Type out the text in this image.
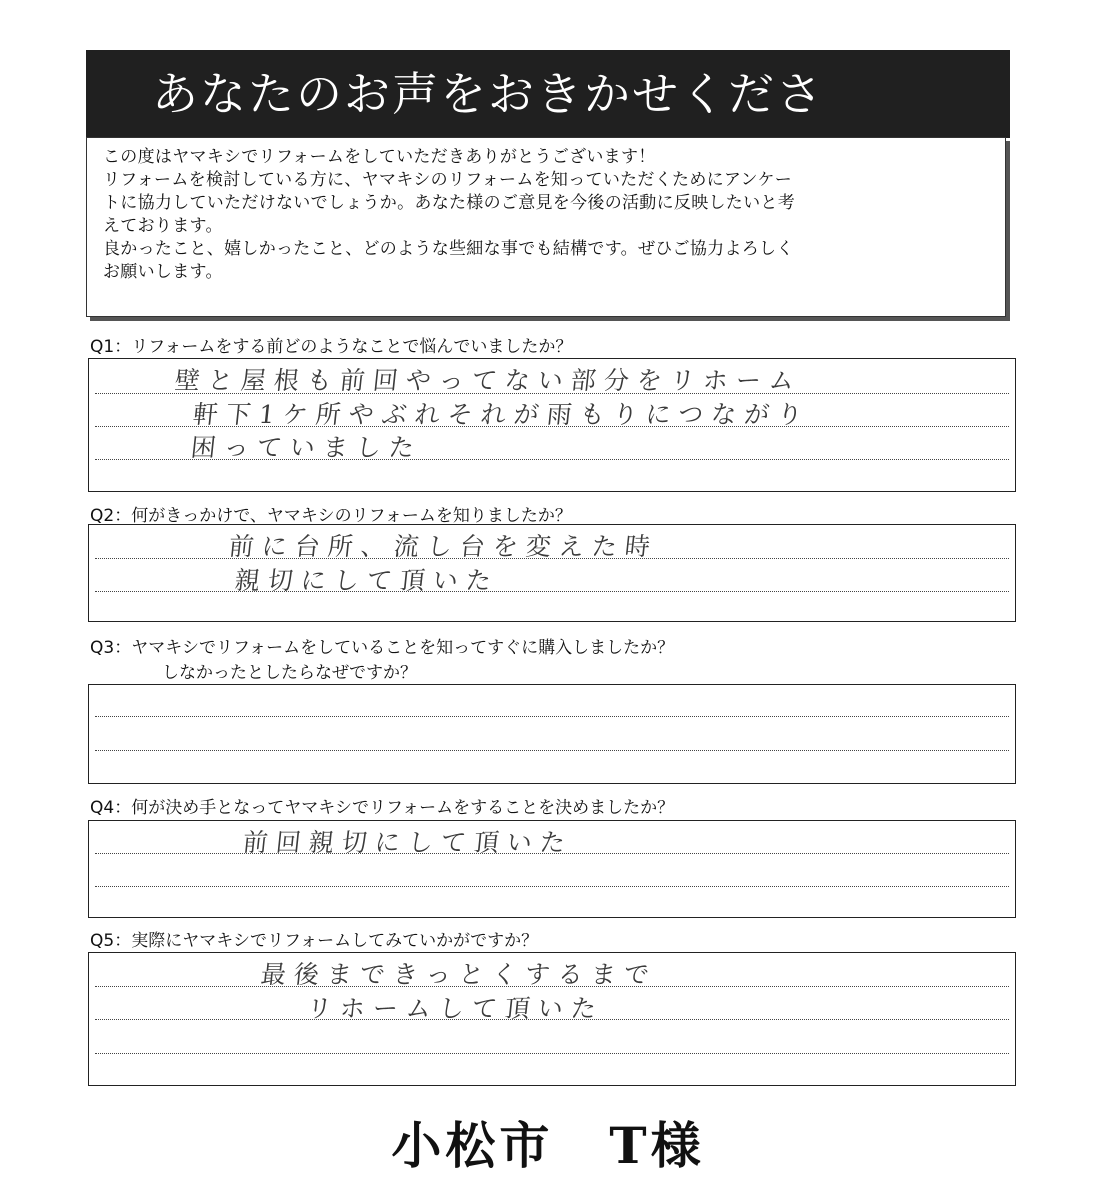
あなたのお声をおきかせくださ
この度はヤマキシでリフォームをしていただきありがとうございます！
リフォームを検討している方に、ヤマキシのリフォームを知っていただくためにアンケー
トに協力していただけないでしょうか。あなた様のご意見を今後の活動に反映したいと考
えております。
良かったこと、嬉しかったこと、どのような些細な事でも結構です。ぜひご協力よろしく
お願いします。
Q1：リフォームをする前どのようなことで悩んでいましたか？
壁と屋根も前回やってない部分をリホーム
軒下1ケ所やぶれそれが雨もりにつながり
困っていました
Q2：何がきっかけで、ヤマキシのリフォームを知りましたか？
前に台所、流し台を変えた時
親切にして頂いた
Q3：ヤマキシでリフォームをしていることを知ってすぐに購入しましたか？
しなかったとしたらなぜですか？
Q4：何が決め手となってヤマキシでリフォームをすることを決めましたか？
前回親切にして頂いた
Q5：実際にヤマキシでリフォームしてみていかがですか？
最後まできっとくするまで
リホームして頂いた
小松市 T様
